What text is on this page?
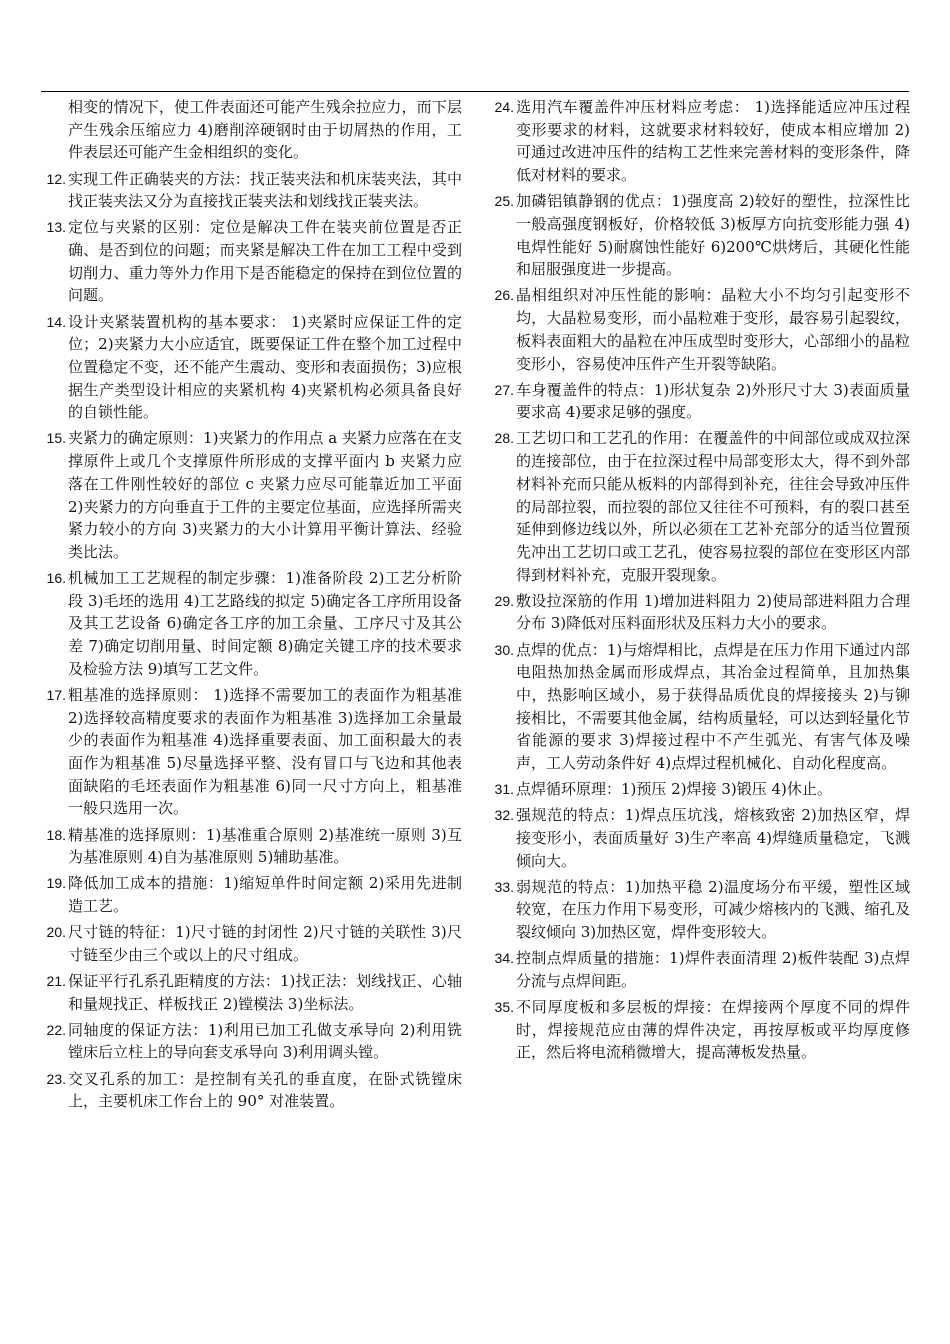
相变的情况下，使工件表面还可能产生残余拉应力，而下层产生残余压缩应力 4)磨削淬硬钢时由于切屑热的作用，工件表层还可能产生金相组织的变化。
12. 实现工件正确装夹的方法：找正装夹法和机床装夹法，其中找正装夹法又分为直接找正装夹法和划线找正装夹法。
13. 定位与夹紧的区别：定位是解决工件在装夹前位置是否正确、是否到位的问题；而夹紧是解决工件在加工工程中受到切削力、重力等外力作用下是否能稳定的保持在到位位置的问题。
14. 设计夹紧装置机构的基本要求： 1)夹紧时应保证工件的定位；2)夹紧力大小应适宜，既要保证工件在整个加工过程中位置稳定不变，还不能产生震动、变形和表面损伤；3)应根据生产类型设计相应的夹紧机构 4)夹紧机构必须具备良好的自锁性能。
15. 夹紧力的确定原则：1)夹紧力的作用点 a 夹紧力应落在在支撑原件上或几个支撑原件所形成的支撑平面内 b 夹紧力应落在工件刚性较好的部位 c 夹紧力应尽可能靠近加工平面 2)夹紧力的方向垂直于工件的主要定位基面，应选择所需夹紧力较小的方向 3)夹紧力的大小计算用平衡计算法、经验类比法。
16. 机械加工工艺规程的制定步骤：1)准备阶段 2)工艺分析阶段 3)毛坯的选用 4)工艺路线的拟定 5)确定各工序所用设备及其工艺设备 6)确定各工序的加工余量、工序尺寸及其公差 7)确定切削用量、时间定额 8)确定关键工序的技术要求及检验方法 9)填写工艺文件。
17. 粗基准的选择原则： 1)选择不需要加工的表面作为粗基准 2)选择较高精度要求的表面作为粗基准 3)选择加工余量最少的表面作为粗基准 4)选择重要表面、加工面积最大的表面作为粗基准 5)尽量选择平整、没有冒口与飞边和其他表面缺陷的毛坯表面作为粗基准 6)同一尺寸方向上，粗基准一般只选用一次。
18. 精基准的选择原则：1)基准重合原则 2)基准统一原则 3)互为基准原则 4)自为基准原则 5)辅助基准。
19. 降低加工成本的措施：1)缩短单件时间定额 2)采用先进制造工艺。
20. 尺寸链的特征：1)尺寸链的封闭性 2)尺寸链的关联性 3)尺寸链至少由三个或以上的尺寸组成。
21. 保证平行孔系孔距精度的方法：1)找正法：划线找正、心轴和量规找正、样板找正 2)镗模法 3)坐标法。
22. 同轴度的保证方法：1)利用已加工孔做支承导向 2)利用铣镗床后立柱上的导向套支承导向 3)利用调头镗。
23. 交叉孔系的加工：是控制有关孔的垂直度，在卧式铣镗床上，主要机床工作台上的 90° 对准装置。
24. 选用汽车覆盖件冲压材料应考虑： 1)选择能适应冲压过程变形要求的材料，这就要求材料较好，使成本相应增加 2)可通过改进冲压件的结构工艺性来完善材料的变形条件，降低对材料的要求。
25. 加磷铝镇静钢的优点：1)强度高 2)较好的塑性，拉深性比一般高强度钢板好，价格较低 3)板厚方向抗变形能力强 4)电焊性能好 5)耐腐蚀性能好 6)200℃烘烤后，其硬化性能和屈服强度进一步提高。
26. 晶相组织对冲压性能的影响：晶粒大小不均匀引起变形不均，大晶粒易变形，而小晶粒难于变形，最容易引起裂纹，板料表面粗大的晶粒在冲压成型时变形大，心部细小的晶粒变形小，容易使冲压件产生开裂等缺陷。
27. 车身覆盖件的特点：1)形状复杂 2)外形尺寸大 3)表面质量要求高 4)要求足够的强度。
28. 工艺切口和工艺孔的作用：在覆盖件的中间部位或成双拉深的连接部位，由于在拉深过程中局部变形太大，得不到外部材料补充而只能从板料的内部得到补充，往往会导致冲压件的局部拉裂，而拉裂的部位又往往不可预料，有的裂口甚至延伸到修边线以外，所以必须在工艺补充部分的适当位置预先冲出工艺切口或工艺孔，使容易拉裂的部位在变形区内部得到材料补充，克服开裂现象。
29. 敷设拉深筋的作用 1)增加进料阻力 2)使局部进料阻力合理分布 3)降低对压料面形状及压料力大小的要求。
30. 点焊的优点：1)与熔焊相比，点焊是在压力作用下通过内部电阻热加热金属而形成焊点，其冶金过程简单，且加热集中，热影响区域小，易于获得品质优良的焊接接头 2)与铆接相比，不需要其他金属，结构质量轻，可以达到轻量化节省能源的要求 3)焊接过程中不产生弧光、有害气体及噪声，工人劳动条件好 4)点焊过程机械化、自动化程度高。
31. 点焊循环原理：1)预压 2)焊接 3)锻压 4)休止。
32. 强规范的特点：1)焊点压坑浅，熔核致密 2)加热区窄，焊接变形小，表面质量好 3)生产率高 4)焊缝质量稳定，飞溅倾向大。
33. 弱规范的特点：1)加热平稳 2)温度场分布平缓，塑性区域较宽，在压力作用下易变形，可减少熔核内的飞溅、缩孔及裂纹倾向 3)加热区宽，焊件变形较大。
34. 控制点焊质量的措施：1)焊件表面清理 2)板件装配 3)点焊分流与点焊间距。
35. 不同厚度板和多层板的焊接：在焊接两个厚度不同的焊件时，焊接规范应由薄的焊件决定，再按厚板或平均厚度修正，然后将电流稍微增大，提高薄板发热量。
